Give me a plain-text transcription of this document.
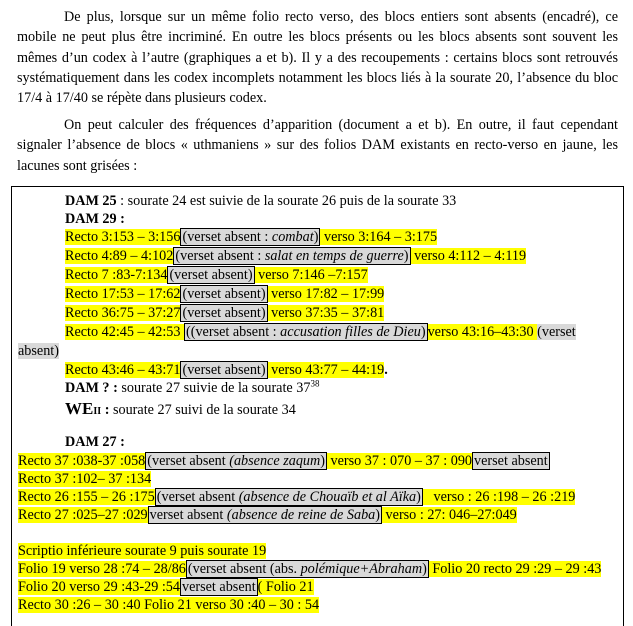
De plus, lorsque sur un même folio recto verso, des blocs entiers sont absents (encadré), ce mobile ne peut plus être incriminé. En outre les blocs présents ou les blocs absents sont souvent les mêmes d’un codex à l’autre (graphiques a et b). Il y a des recoupements : certains blocs sont retrouvés systématiquement dans les codex incomplets notamment les blocs liés à la sourate 20, l’absence du bloc 17/4 à 17/40 se répète dans plusieurs codex.

On peut calculer des fréquences d’apparition (document a et b). En outre, il faut cependant signaler l’absence de blocs « uthmaniens » sur des folios DAM existants en recto-verso en jaune, les lacunes sont grisées :

DAM 25 : sourate 24 est suivie de la sourate 26 puis de la sourate 33
DAM 29 :
Recto 3:153 – 3:156 (verset absent : combat) verso 3:164 – 3:175
Recto 4:89 – 4:102 (verset absent : salat en temps de guerre) verso 4:112 – 4:119
Recto 7 :83-7:134 (verset absent) verso 7:146 –7:157
Recto 17:53 – 17:62 (verset absent) verso 17:82 – 17:99
Recto 36:75 – 37:27 (verset absent) verso 37:35 – 37:81
Recto 42:45 – 42:53 ((verset absent : accusation filles de Dieu) verso 43:16–43:30 (verset
absent)
Recto 43:46 – 43:71 (verset absent) verso 43:77 – 44:19.
DAM ? : sourate 27 suivie de la sourate $37^{38}$
WEII : sourate 27 suivi de la sourate 34
DAM 27 :
Recto 37 :038-37 :058 (verset absent (absence zaqum) verso 37 : 070 – 37 : 090 verset absent
Recto 37 :102– 37 :134
Recto 26 :155 – 26 :175 (verset absent (absence de Chouaïb et al Aïka)   verso : 26 :198 – 26 :219
Recto 27 :025–27 :029 verset absent (absence de reine de Saba) verso : 27: 046–27:049
Scriptio inférieure sourate 9 puis sourate 19
Folio 19 verso 28 :74 – 28/86 (verset absent (abs. polémique+Abraham) Folio 20 recto 29 :29 – 29 :43
Folio 20 verso 29 :43-29 :54 verset absent ( Folio 21
Recto 30 :26 – 30 :40 Folio 21 verso 30 :40 – 30 : 54
